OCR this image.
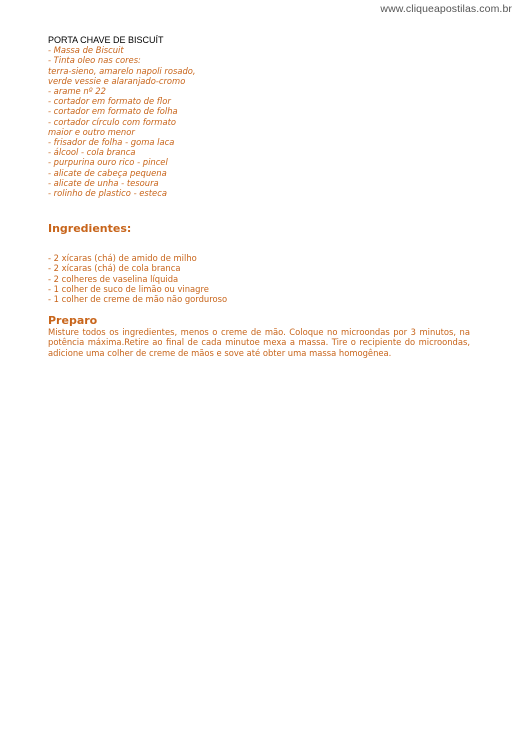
www.cliqueapostilas.com.br

PORTA CHAVE DE BISCUÍT

- Massa de Biscuit
- Tinta oleo nas cores:
terra-sieno, amarelo napoli rosado,
verde vessie e alaranjado-cromo
- arame nº 22
- cortador em formato de flor
- cortador em formato de folha
- cortador círculo com formato
maior e outro menor
- frisador de folha - goma laca
- álcool - cola branca
- purpurina ouro rico - pincel
- alicate de cabeça pequena
- alicate de unha - tesoura
- rolinho de plastico - esteca
Ingredientes:
- 2 xícaras (chá) de amido de milho
- 2 xícaras (chá) de cola branca
- 2 colheres de vaselina líquida
- 1 colher de suco de limão ou vinagre
- 1 colher de creme de mão não gorduroso
Preparo

Misture todos os ingredientes, menos o creme de mão. Coloque no microondas por 3 minutos, na potência máxima.Retire ao final de cada minutoe mexa a massa. Tire o recipiente do microondas, adicione uma colher de creme de mãos e sove até obter uma massa homogênea.
